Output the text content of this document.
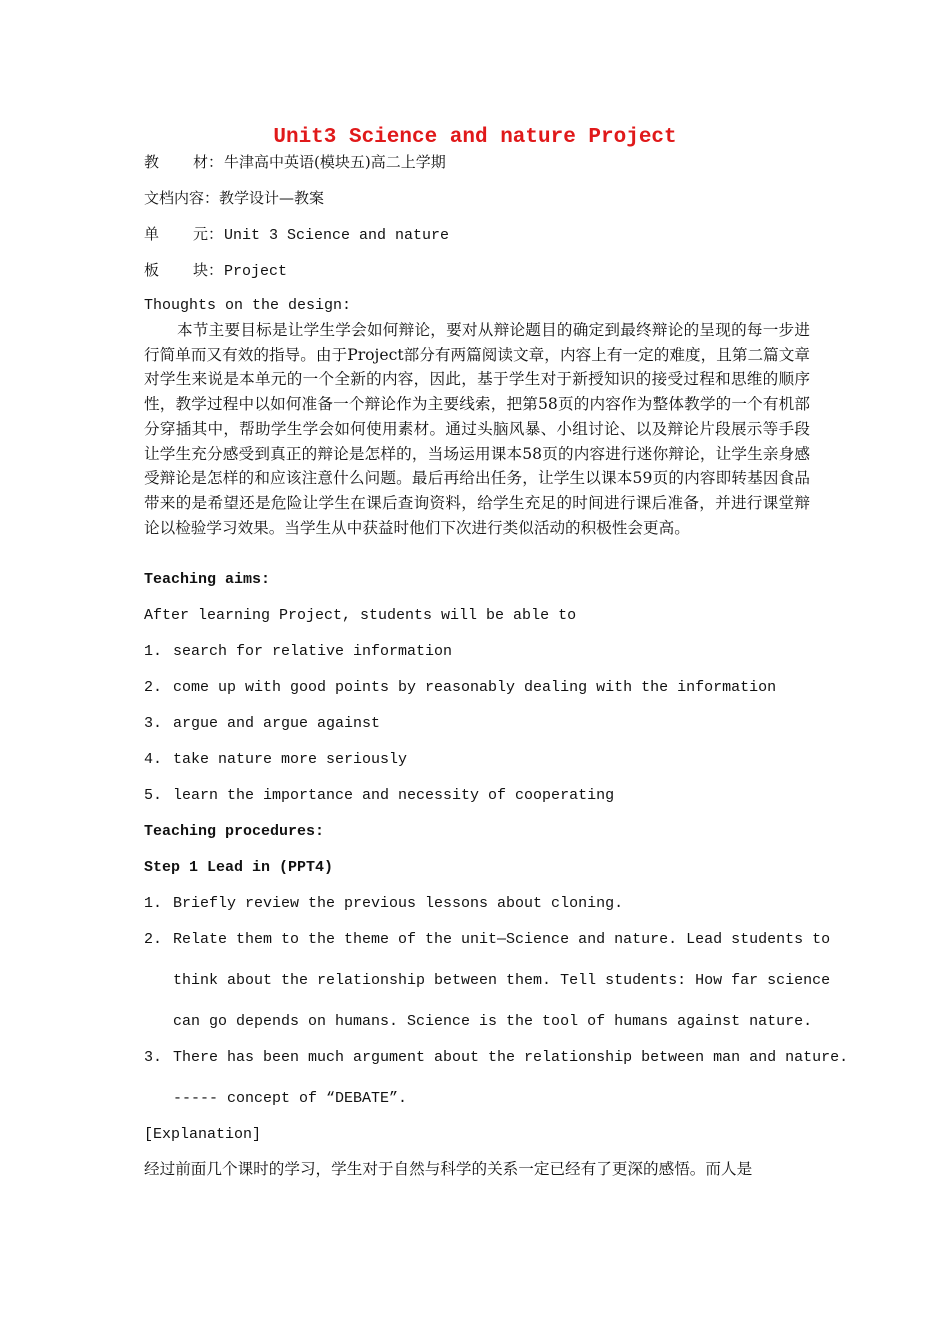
Unit3 Science and nature Project
教 材：牛津高中英语(模块五)高二上学期
文档内容：教学设计—教案
单 元：Unit 3 Science and nature
板 块：Project
Thoughts on the design:

本节主要目标是让学生学会如何辩论，要对从辩论题目的确定到最终辩论的呈现的每一步进行简单而又有效的指导。由于Project部分有两篇阅读文章，内容上有一定的难度，且第二篇文章对学生来说是本单元的一个全新的内容，因此，基于学生对于新授知识的接受过程和思维的顺序性，教学过程中以如何准备一个辩论作为主要线索，把第58页的内容作为整体教学的一个有机部分穿插其中，帮助学生学会如何使用素材。通过头脑风暴、小组讨论、以及辩论片段展示等手段让学生充分感受到真正的辩论是怎样的，当场运用课本58页的内容进行迷你辩论，让学生亲身感受辩论是怎样的和应该注意什么问题。最后再给出任务，让学生以课本59页的内容即转基因食品带来的是希望还是危险让学生在课后查询资料，给学生充足的时间进行课后准备，并进行课堂辩论以检验学习效果。当学生从中获益时他们下次进行类似活动的积极性会更高。

Teaching aims:
After learning Project, students will be able to
1. search for relative information
2. come up with good points by reasonably dealing with the information
3. argue and argue against
4. take nature more seriously
5. learn the importance and necessity of cooperating
Teaching procedures:
Step 1 Lead in (PPT4)
1. Briefly review the previous lessons about cloning.
2. Relate them to the theme of the unit—Science and nature. Lead students to
think about the relationship between them. Tell students: How far science
can go depends on humans. Science is the tool of humans against nature.
3. There has been much argument about the relationship between man and nature.
----- concept of “DEBATE”.
[Explanation]
经过前面几个课时的学习，学生对于自然与科学的关系一定已经有了更深的感悟。而人是
